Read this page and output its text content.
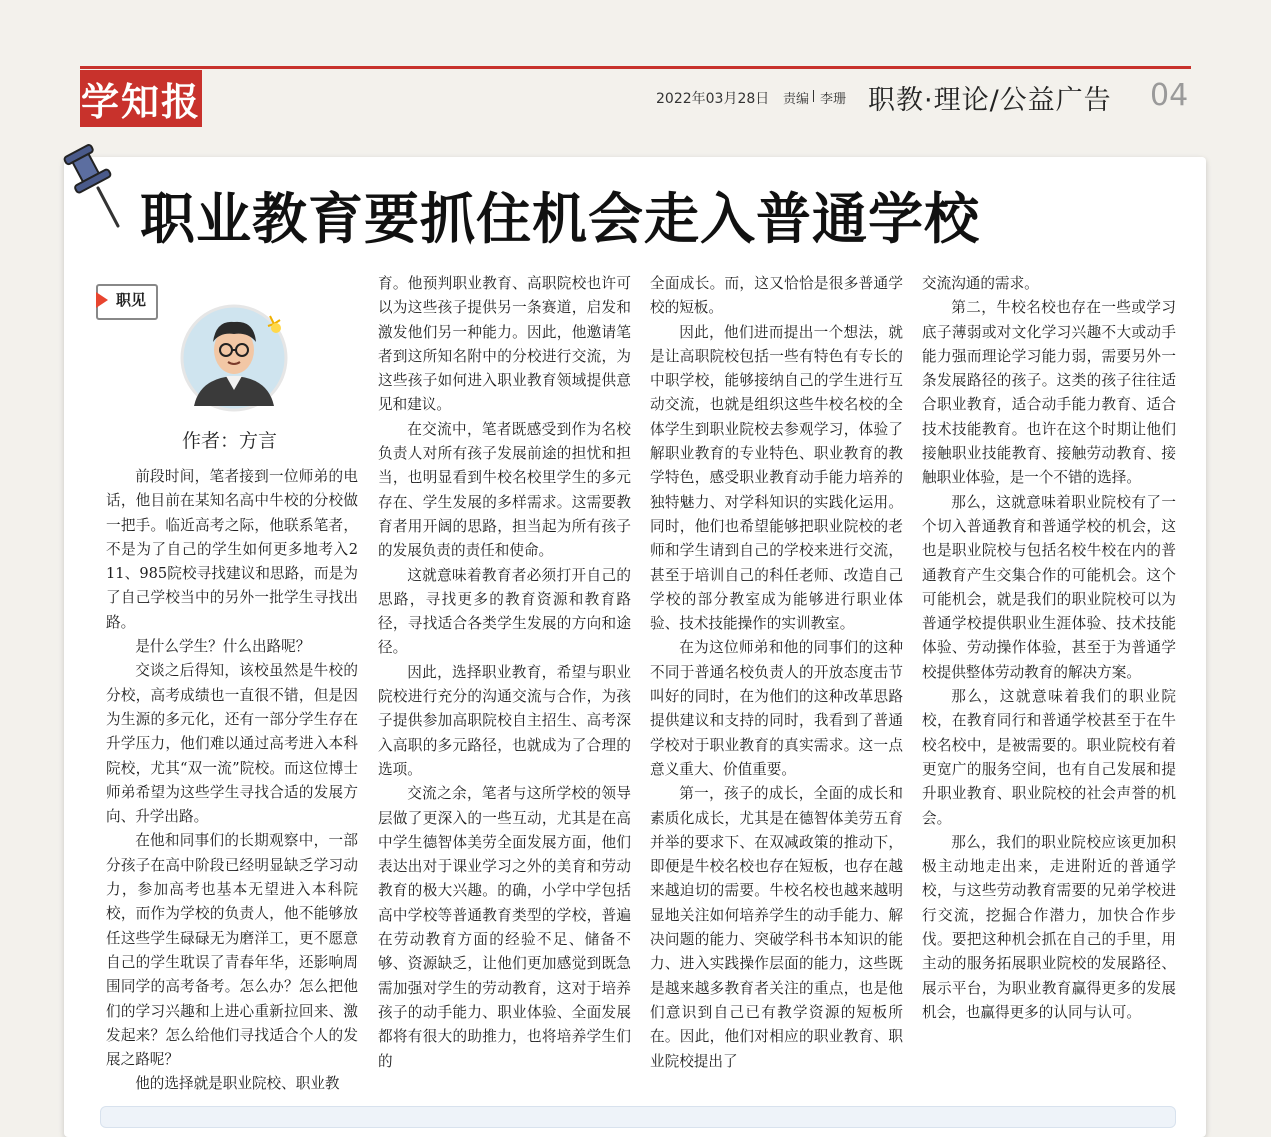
学知报	2022年03月28日 责编 李珊 职教·理论/公益广告 04
职业教育要抓住机会走入普通学校
职见
作者：方言

前段时间，笔者接到一位师弟的电话，他目前在某知名高中牛校的分校做一把手。临近高考之际，他联系笔者，不是为了自己的学生如何更多地考入211、985院校寻找建议和思路，而是为了自己学校当中的另外一批学生寻找出路。

是什么学生？什么出路呢？

交谈之后得知，该校虽然是牛校的分校，高考成绩也一直很不错，但是因为生源的多元化，还有一部分学生存在升学压力，他们难以通过高考进入本科院校，尤其“双一流”院校。而这位博士师弟希望为这些学生寻找合适的发展方向、升学出路。

在他和同事们的长期观察中，一部分孩子在高中阶段已经明显缺乏学习动力，参加高考也基本无望进入本科院校，而作为学校的负责人，他不能够放任这些学生碌碌无为磨洋工，更不愿意自己的学生耽误了青春年华，还影响周围同学的高考备考。怎么办？怎么把他们的学习兴趣和上进心重新拉回来、激发起来？怎么给他们寻找适合个人的发展之路呢？

他的选择就是职业院校、职业教

育。他预判职业教育、高职院校也许可以为这些孩子提供另一条赛道，启发和激发他们另一种能力。因此，他邀请笔者到这所知名附中的分校进行交流，为这些孩子如何进入职业教育领域提供意见和建议。

在交流中，笔者既感受到作为名校负责人对所有孩子发展前途的担忧和担当，也明显看到牛校名校里学生的多元存在、学生发展的多样需求。这需要教育者用开阔的思路，担当起为所有孩子的发展负责的责任和使命。

这就意味着教育者必须打开自己的思路，寻找更多的教育资源和教育路径，寻找适合各类学生发展的方向和途径。

因此，选择职业教育，希望与职业院校进行充分的沟通交流与合作，为孩子提供参加高职院校自主招生、高考深入高职的多元路径，也就成为了合理的选项。

交流之余，笔者与这所学校的领导层做了更深入的一些互动，尤其是在高中学生德智体美劳全面发展方面，他们表达出对于课业学习之外的美育和劳动教育的极大兴趣。的确，小学中学包括高中学校等普通教育类型的学校，普遍在劳动教育方面的经验不足、储备不够、资源缺乏，让他们更加感觉到既急需加强对学生的劳动教育，这对于培养孩子的动手能力、职业体验、全面发展都将有很大的助推力，也将培养学生们的

全面成长。而，这又恰恰是很多普通学校的短板。

因此，他们进而提出一个想法，就是让高职院校包括一些有特色有专长的中职学校，能够接纳自己的学生进行互动交流，也就是组织这些牛校名校的全体学生到职业院校去参观学习，体验了解职业教育的专业特色、职业教育的教学特色，感受职业教育动手能力培养的独特魅力、对学科知识的实践化运用。同时，他们也希望能够把职业院校的老师和学生请到自己的学校来进行交流，甚至于培训自己的科任老师、改造自己学校的部分教室成为能够进行职业体验、技术技能操作的实训教室。

在为这位师弟和他的同事们的这种不同于普通名校负责人的开放态度击节叫好的同时，在为他们的这种改革思路提供建议和支持的同时，我看到了普通学校对于职业教育的真实需求。这一点意义重大、价值重要。

第一，孩子的成长，全面的成长和素质化成长，尤其是在德智体美劳五育并举的要求下、在双减政策的推动下，即便是牛校名校也存在短板，也存在越来越迫切的需要。牛校名校也越来越明显地关注如何培养学生的动手能力、解决问题的能力、突破学科书本知识的能力、进入实践操作层面的能力，这些既是越来越多教育者关注的重点，也是他们意识到自己已有教学资源的短板所在。因此，他们对相应的职业教育、职业院校提出了

交流沟通的需求。

第二，牛校名校也存在一些或学习底子薄弱或对文化学习兴趣不大或动手能力强而理论学习能力弱，需要另外一条发展路径的孩子。这类的孩子往往适合职业教育，适合动手能力教育、适合技术技能教育。也许在这个时期让他们接触职业技能教育、接触劳动教育、接触职业体验，是一个不错的选择。

那么，这就意味着职业院校有了一个切入普通教育和普通学校的机会，这也是职业院校与包括名校牛校在内的普通教育产生交集合作的可能机会。这个可能机会，就是我们的职业院校可以为普通学校提供职业生涯体验、技术技能体验、劳动操作体验，甚至于为普通学校提供整体劳动教育的解决方案。

那么，这就意味着我们的职业院校，在教育同行和普通学校甚至于在牛校名校中，是被需要的。职业院校有着更宽广的服务空间，也有自己发展和提升职业教育、职业院校的社会声誉的机会。

那么，我们的职业院校应该更加积极主动地走出来，走进附近的普通学校，与这些劳动教育需要的兄弟学校进行交流，挖掘合作潜力，加快合作步伐。要把这种机会抓在自己的手里，用主动的服务拓展职业院校的发展路径、展示平台，为职业教育赢得更多的发展机会，也赢得更多的认同与认可。
